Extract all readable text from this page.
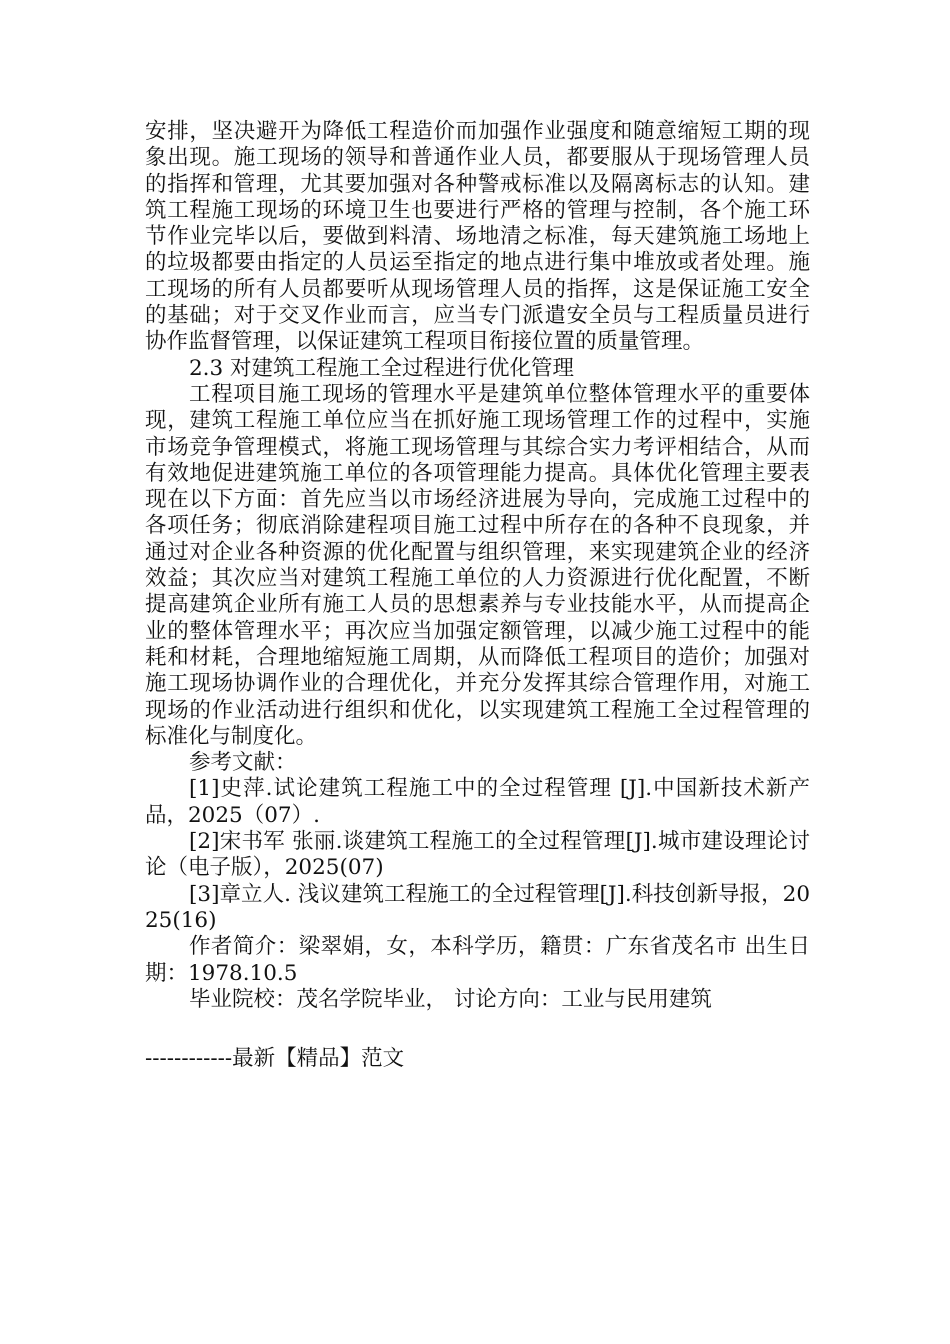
安排，坚决避开为降低工程造价而加强作业强度和随意缩短工期的现象出现。施工现场的领导和普通作业人员，都要服从于现场管理人员的指挥和管理，尤其要加强对各种警戒标准以及隔离标志的认知。建筑工程施工现场的环境卫生也要进行严格的管理与控制，各个施工环节作业完毕以后，要做到料清、场地清之标准，每天建筑施工场地上的垃圾都要由指定的人员运至指定的地点进行集中堆放或者处理。施工现场的所有人员都要听从现场管理人员的指挥，这是保证施工安全的基础；对于交叉作业而言，应当专门派遣安全员与工程质量员进行协作监督管理，以保证建筑工程项目衔接位置的质量管理。

2.3 对建筑工程施工全过程进行优化管理

工程项目施工现场的管理水平是建筑单位整体管理水平的重要体现，建筑工程施工单位应当在抓好施工现场管理工作的过程中，实施市场竞争管理模式，将施工现场管理与其综合实力考评相结合，从而有效地促进建筑施工单位的各项管理能力提高。具体优化管理主要表现在以下方面：首先应当以市场经济进展为导向，完成施工过程中的各项任务；彻底消除建程项目施工过程中所存在的各种不良现象，并通过对企业各种资源的优化配置与组织管理，来实现建筑企业的经济效益；其次应当对建筑工程施工单位的人力资源进行优化配置，不断提高建筑企业所有施工人员的思想素养与专业技能水平，从而提高企业的整体管理水平；再次应当加强定额管理，以减少施工过程中的能耗和材耗，合理地缩短施工周期，从而降低工程项目的造价；加强对施工现场协调作业的合理优化，并充分发挥其综合管理作用，对施工现场的作业活动进行组织和优化，以实现建筑工程施工全过程管理的标准化与制度化。

参考文献：

[1]史萍.试论建筑工程施工中的全过程管理 [J].中国新技术新产品，2025（07）.

[2]宋书军 张丽.谈建筑工程施工的全过程管理[J].城市建设理论讨论（电子版），2025(07)

[3]章立人. 浅议建筑工程施工的全过程管理[J].科技创新导报，2025(16)

作者简介：梁翠娟，女，本科学历，籍贯：广东省茂名市 出生日期：1978.10.5

毕业院校：茂名学院毕业， 讨论方向：工业与民用建筑

------------最新【精品】范文
